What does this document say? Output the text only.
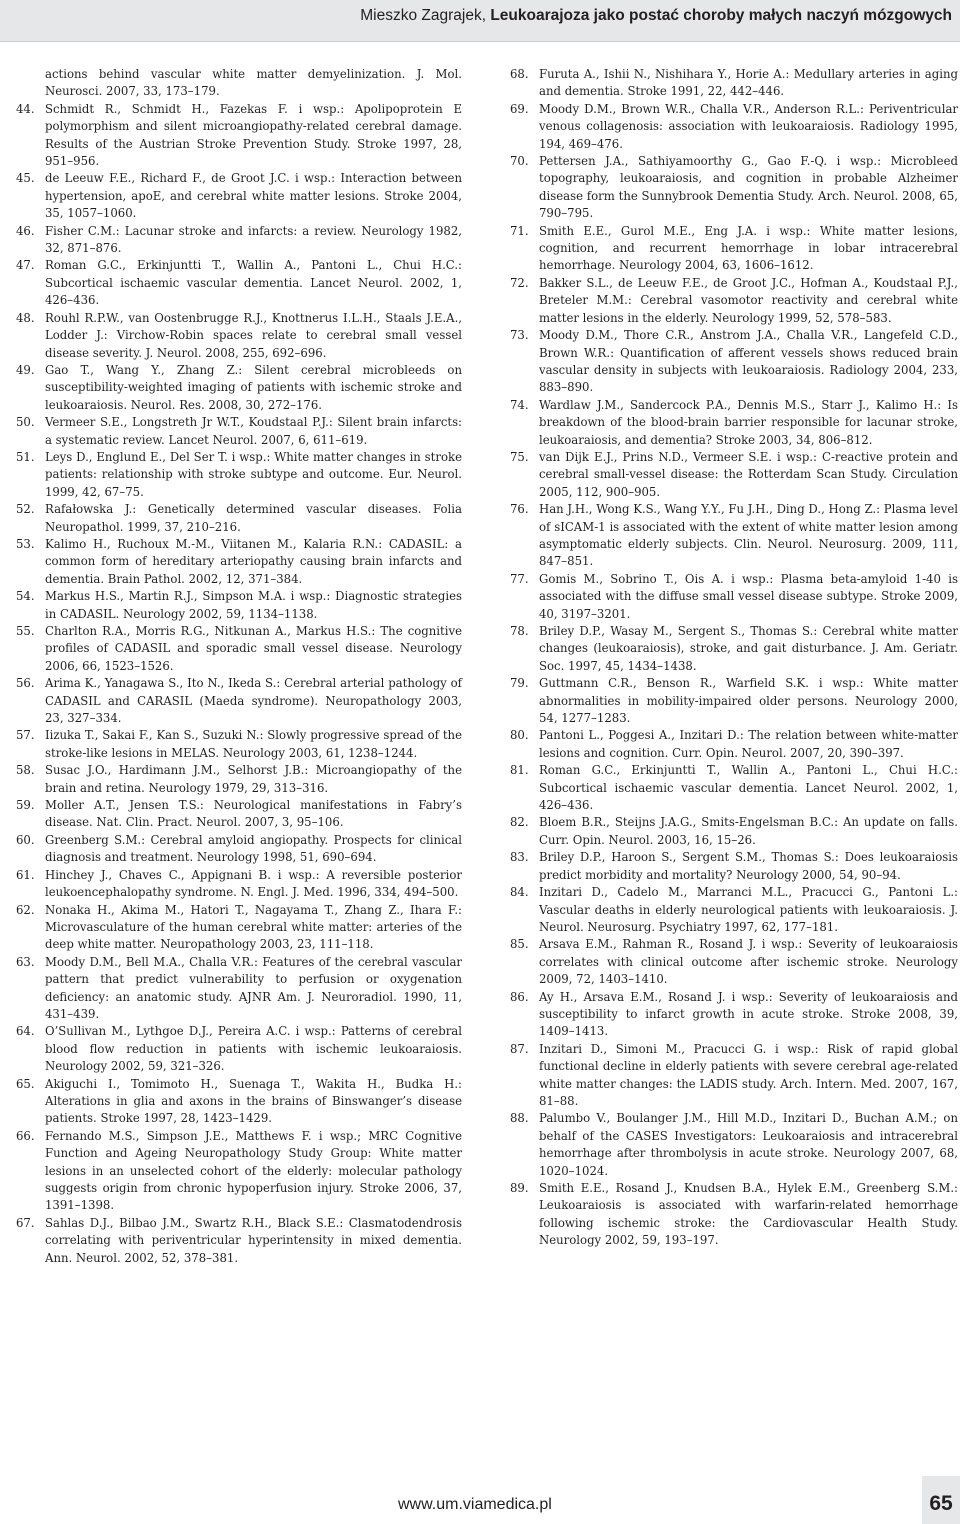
Mieszko Zagrajek, Leukoarajoza jako postać choroby małych naczyń mózgowych

actions behind vascular white matter demyelinization. J. Mol. Neurosci. 2007, 33, 173–179.

44. Schmidt R., Schmidt H., Fazekas F. i wsp.: Apolipoprotein E polymorphism and silent microangiopathy-related cerebral damage. Results of the Austrian Stroke Prevention Study. Stroke 1997, 28, 951–956.

45. de Leeuw F.E., Richard F., de Groot J.C. i wsp.: Interaction between hypertension, apoE, and cerebral white matter lesions. Stroke 2004, 35, 1057–1060.

46. Fisher C.M.: Lacunar stroke and infarcts: a review. Neurology 1982, 32, 871–876.

47. Roman G.C., Erkinjuntti T., Wallin A., Pantoni L., Chui H.C.: Subcortical ischaemic vascular dementia. Lancet Neurol. 2002, 1, 426–436.

48. Rouhl R.P.W., van Oostenbrugge R.J., Knottnerus I.L.H., Staals J.E.A., Lodder J.: Virchow-Robin spaces relate to cerebral small vessel disease severity. J. Neurol. 2008, 255, 692–696.

49. Gao T., Wang Y., Zhang Z.: Silent cerebral microbleeds on susceptibility-weighted imaging of patients with ischemic stroke and leukoaraiosis. Neurol. Res. 2008, 30, 272–176.

50. Vermeer S.E., Longstreth Jr W.T., Koudstaal P.J.: Silent brain infarcts: a systematic review. Lancet Neurol. 2007, 6, 611–619.

51. Leys D., Englund E., Del Ser T. i wsp.: White matter changes in stroke patients: relationship with stroke subtype and outcome. Eur. Neurol. 1999, 42, 67–75.

52. Rafałowska J.: Genetically determined vascular diseases. Folia Neuropathol. 1999, 37, 210–216.

53. Kalimo H., Ruchoux M.-M., Viitanen M., Kalaria R.N.: CADASIL: a common form of hereditary arteriopathy causing brain infarcts and dementia. Brain Pathol. 2002, 12, 371–384.

54. Markus H.S., Martin R.J., Simpson M.A. i wsp.: Diagnostic strategies in CADASIL. Neurology 2002, 59, 1134–1138.

55. Charlton R.A., Morris R.G., Nitkunan A., Markus H.S.: The cognitive profiles of CADASIL and sporadic small vessel disease. Neurology 2006, 66, 1523–1526.

56. Arima K., Yanagawa S., Ito N., Ikeda S.: Cerebral arterial pathology of CADASIL and CARASIL (Maeda syndrome). Neuropathology 2003, 23, 327–334.

57. Iizuka T., Sakai F., Kan S., Suzuki N.: Slowly progressive spread of the stroke-like lesions in MELAS. Neurology 2003, 61, 1238–1244.

58. Susac J.O., Hardimann J.M., Selhorst J.B.: Microangiopathy of the brain and retina. Neurology 1979, 29, 313–316.

59. Moller A.T., Jensen T.S.: Neurological manifestations in Fabry’s disease. Nat. Clin. Pract. Neurol. 2007, 3, 95–106.

60. Greenberg S.M.: Cerebral amyloid angiopathy. Prospects for clinical diagnosis and treatment. Neurology 1998, 51, 690–694.

61. Hinchey J., Chaves C., Appignani B. i wsp.: A reversible posterior leukoencephalopathy syndrome. N. Engl. J. Med. 1996, 334, 494–500.

62. Nonaka H., Akima M., Hatori T., Nagayama T., Zhang Z., Ihara F.: Microvasculature of the human cerebral white matter: arteries of the deep white matter. Neuropathology 2003, 23, 111–118.

63. Moody D.M., Bell M.A., Challa V.R.: Features of the cerebral vascular pattern that predict vulnerability to perfusion or oxygenation deficiency: an anatomic study. AJNR Am. J. Neuroradiol. 1990, 11, 431–439.

64. O’Sullivan M., Lythgoe D.J., Pereira A.C. i wsp.: Patterns of cerebral blood flow reduction in patients with ischemic leukoaraiosis. Neurology 2002, 59, 321–326.

65. Akiguchi I., Tomimoto H., Suenaga T., Wakita H., Budka H.: Alterations in glia and axons in the brains of Binswanger’s disease patients. Stroke 1997, 28, 1423–1429.

66. Fernando M.S., Simpson J.E., Matthews F. i wsp.; MRC Cognitive Function and Ageing Neuropathology Study Group: White matter lesions in an unselected cohort of the elderly: molecular pathology suggests origin from chronic hypoperfusion injury. Stroke 2006, 37, 1391–1398.

67. Sahlas D.J., Bilbao J.M., Swartz R.H., Black S.E.: Clasmatodendrosis correlating with periventricular hyperintensity in mixed dementia. Ann. Neurol. 2002, 52, 378–381.

68. Furuta A., Ishii N., Nishihara Y., Horie A.: Medullary arteries in aging and dementia. Stroke 1991, 22, 442–446.

69. Moody D.M., Brown W.R., Challa V.R., Anderson R.L.: Periventricular venous collagenosis: association with leukoaraiosis. Radiology 1995, 194, 469–476.

70. Pettersen J.A., Sathiyamoorthy G., Gao F.-Q. i wsp.: Microbleed topography, leukoaraiosis, and cognition in probable Alzheimer disease form the Sunnybrook Dementia Study. Arch. Neurol. 2008, 65, 790–795.

71. Smith E.E., Gurol M.E., Eng J.A. i wsp.: White matter lesions, cognition, and recurrent hemorrhage in lobar intracerebral hemorrhage. Neurology 2004, 63, 1606–1612.

72. Bakker S.L., de Leeuw F.E., de Groot J.C., Hofman A., Koudstaal P.J., Breteler M.M.: Cerebral vasomotor reactivity and cerebral white matter lesions in the elderly. Neurology 1999, 52, 578–583.

73. Moody D.M., Thore C.R., Anstrom J.A., Challa V.R., Langefeld C.D., Brown W.R.: Quantification of afferent vessels shows reduced brain vascular density in subjects with leukoaraiosis. Radiology 2004, 233, 883–890.

74. Wardlaw J.M., Sandercock P.A., Dennis M.S., Starr J., Kalimo H.: Is breakdown of the blood-brain barrier responsible for lacunar stroke, leukoaraiosis, and dementia? Stroke 2003, 34, 806–812.

75. van Dijk E.J., Prins N.D., Vermeer S.E. i wsp.: C-reactive protein and cerebral small-vessel disease: the Rotterdam Scan Study. Circulation 2005, 112, 900–905.

76. Han J.H., Wong K.S., Wang Y.Y., Fu J.H., Ding D., Hong Z.: Plasma level of sICAM-1 is associated with the extent of white matter lesion among asymptomatic elderly subjects. Clin. Neurol. Neurosurg. 2009, 111, 847–851.

77. Gomis M., Sobrino T., Ois A. i wsp.: Plasma beta-amyloid 1-40 is associated with the diffuse small vessel disease subtype. Stroke 2009, 40, 3197–3201.

78. Briley D.P., Wasay M., Sergent S., Thomas S.: Cerebral white matter changes (leukoaraiosis), stroke, and gait disturbance. J. Am. Geriatr. Soc. 1997, 45, 1434–1438.

79. Guttmann C.R., Benson R., Warfield S.K. i wsp.: White matter abnormalities in mobility-impaired older persons. Neurology 2000, 54, 1277–1283.

80. Pantoni L., Poggesi A., Inzitari D.: The relation between white-matter lesions and cognition. Curr. Opin. Neurol. 2007, 20, 390–397.

81. Roman G.C., Erkinjuntti T., Wallin A., Pantoni L., Chui H.C.: Subcortical ischaemic vascular dementia. Lancet Neurol. 2002, 1, 426–436.

82. Bloem B.R., Steijns J.A.G., Smits-Engelsman B.C.: An update on falls. Curr. Opin. Neurol. 2003, 16, 15–26.

83. Briley D.P., Haroon S., Sergent S.M., Thomas S.: Does leukoaraiosis predict morbidity and mortality? Neurology 2000, 54, 90–94.

84. Inzitari D., Cadelo M., Marranci M.L., Pracucci G., Pantoni L.: Vascular deaths in elderly neurological patients with leukoaraiosis. J. Neurol. Neurosurg. Psychiatry 1997, 62, 177–181.

85. Arsava E.M., Rahman R., Rosand J. i wsp.: Severity of leukoaraiosis correlates with clinical outcome after ischemic stroke. Neurology 2009, 72, 1403–1410.

86. Ay H., Arsava E.M., Rosand J. i wsp.: Severity of leukoaraiosis and susceptibility to infarct growth in acute stroke. Stroke 2008, 39, 1409–1413.

87. Inzitari D., Simoni M., Pracucci G. i wsp.: Risk of rapid global functional decline in elderly patients with severe cerebral age-related white matter changes: the LADIS study. Arch. Intern. Med. 2007, 167, 81–88.

88. Palumbo V., Boulanger J.M., Hill M.D., Inzitari D., Buchan A.M.; on behalf of the CASES Investigators: Leukoaraiosis and intracerebral hemorrhage after thrombolysis in acute stroke. Neurology 2007, 68, 1020–1024.

89. Smith E.E., Rosand J., Knudsen B.A., Hylek E.M., Greenberg S.M.: Leukoaraiosis is associated with warfarin-related hemorrhage following ischemic stroke: the Cardiovascular Health Study. Neurology 2002, 59, 193–197.

www.um.viamedica.pl	65
